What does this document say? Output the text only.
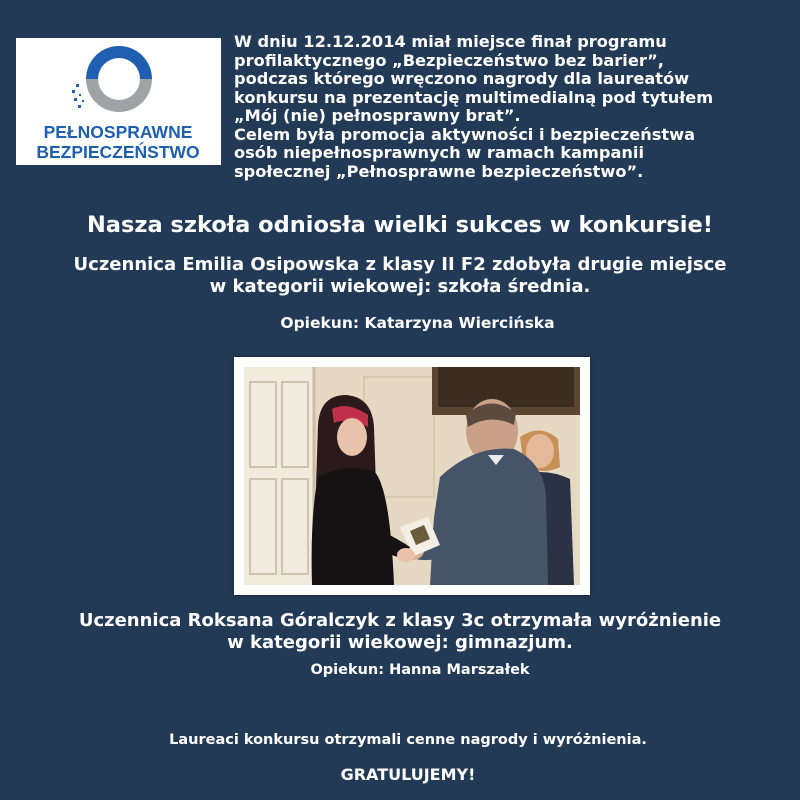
PEŁNOSPRAWNE
BEZPIECZEŃSTWO
W dniu 12.12.2014 miał miejsce finał programu
profilaktycznego „Bezpieczeństwo bez barier”,
podczas którego wręczono nagrody dla laureatów
konkursu na prezentację multimedialną pod tytułem
„Mój (nie) pełnosprawny brat”.
Celem była promocja aktywności i bezpieczeństwa
osób niepełnosprawnych w ramach kampanii
społecznej „Pełnosprawne bezpieczeństwo”.
Nasza szkoła odniosła wielki sukces w konkursie!
Uczennica Emilia Osipowska z klasy II F2 zdobyła drugie miejsce
w kategorii wiekowej: szkoła średnia.
Opiekun: Katarzyna Wiercińska
Uczennica Roksana Góralczyk z klasy 3c otrzymała wyróżnienie
w kategorii wiekowej: gimnazjum.
Opiekun: Hanna Marszałek
Laureaci konkursu otrzymali cenne nagrody i wyróżnienia.
GRATULUJEMY!
